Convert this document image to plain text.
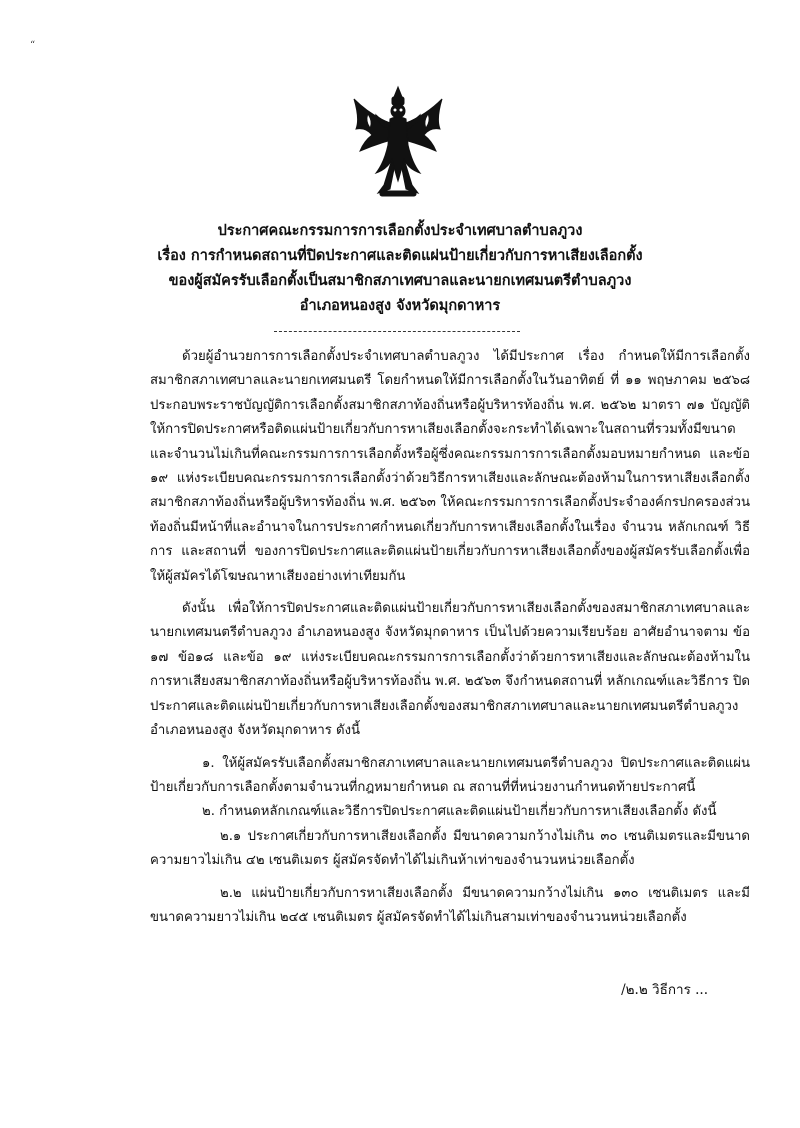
“
ประกาศคณะกรรมการการเลือกตั้งประจำเทศบาลตำบลภูวง
เรื่อง การกำหนดสถานที่ปิดประกาศและติดแผ่นป้ายเกี่ยวกับการหาเสียงเลือกตั้ง
ของผู้สมัครรับเลือกตั้งเป็นสมาชิกสภาเทศบาลและนายกเทศมนตรีตำบลภูวง
อำเภอหนองสูง จังหวัดมุกดาหาร

ด้วยผู้อำนวยการการเลือกตั้งประจำเทศบาลตำบลภูวง ได้มีประกาศ เรื่อง กำหนดให้มีการเลือกตั้งสมาชิกสภาเทศบาลและนายกเทศมนตรี โดยกำหนดให้มีการเลือกตั้งในวันอาทิตย์ ที่ ๑๑ พฤษภาคม ๒๕๖๘ ประกอบพระราชบัญญัติการเลือกตั้งสมาชิกสภาท้องถิ่นหรือผู้บริหารท้องถิ่น พ.ศ. ๒๕๖๒ มาตรา ๗๑ บัญญัติให้การปิดประกาศหรือติดแผ่นป้ายเกี่ยวกับการหาเสียงเลือกตั้งจะกระทำได้เฉพาะในสถานที่รวมทั้งมีขนาดและจำนวนไม่เกินที่คณะกรรมการการเลือกตั้งหรือผู้ซึ่งคณะกรรมการการเลือกตั้งมอบหมายกำหนด และข้อ ๑๙ แห่งระเบียบคณะกรรมการการเลือกตั้งว่าด้วยวิธีการหาเสียงและลักษณะต้องห้ามในการหาเสียงเลือกตั้งสมาชิกสภาท้องถิ่นหรือผู้บริหารท้องถิ่น พ.ศ. ๒๕๖๓ ให้คณะกรรมการการเลือกตั้งประจำองค์กรปกครองส่วนท้องถิ่นมีหน้าที่และอำนาจในการประกาศกำหนดเกี่ยวกับการหาเสียงเลือกตั้งในเรื่อง จำนวน หลักเกณฑ์ วิธีการ และสถานที่ ของการปิดประกาศและติดแผ่นป้ายเกี่ยวกับการหาเสียงเลือกตั้งของผู้สมัครรับเลือกตั้งเพื่อให้ผู้สมัครได้โฆษณาหาเสียงอย่างเท่าเทียมกัน

ดังนั้น เพื่อให้การปิดประกาศและติดแผ่นป้ายเกี่ยวกับการหาเสียงเลือกตั้งของสมาชิกสภาเทศบาลและนายกเทศมนตรีตำบลภูวง อำเภอหนองสูง จังหวัดมุกดาหาร เป็นไปด้วยความเรียบร้อย อาศัยอำนาจตาม ข้อ ๑๗ ข้อ๑๘ และข้อ ๑๙ แห่งระเบียบคณะกรรมการการเลือกตั้งว่าด้วยการหาเสียงและลักษณะต้องห้ามในการหาเสียงสมาชิกสภาท้องถิ่นหรือผู้บริหารท้องถิ่น พ.ศ. ๒๕๖๓ จึงกำหนดสถานที่ หลักเกณฑ์และวิธีการ ปิดประกาศและติดแผ่นป้ายเกี่ยวกับการหาเสียงเลือกตั้งของสมาชิกสภาเทศบาลและนายกเทศมนตรีตำบลภูวง อำเภอหนองสูง จังหวัดมุกดาหาร ดังนี้

๑. ให้ผู้สมัครรับเลือกตั้งสมาชิกสภาเทศบาลและนายกเทศมนตรีตำบลภูวง ปิดประกาศและติดแผ่นป้ายเกี่ยวกับการเลือกตั้งตามจำนวนที่กฎหมายกำหนด ณ สถานที่ที่หน่วยงานกำหนดท้ายประกาศนี้

๒. กำหนดหลักเกณฑ์และวิธีการปิดประกาศและติดแผ่นป้ายเกี่ยวกับการหาเสียงเลือกตั้ง ดังนี้

๒.๑ ประกาศเกี่ยวกับการหาเสียงเลือกตั้ง มีขนาดความกว้างไม่เกิน ๓๐ เซนติเมตรและมีขนาดความยาวไม่เกิน ๔๒ เซนติเมตร ผู้สมัครจัดทำได้ไม่เกินห้าเท่าของจำนวนหน่วยเลือกตั้ง

๒.๒ แผ่นป้ายเกี่ยวกับการหาเสียงเลือกตั้ง มีขนาดความกว้างไม่เกิน ๑๓๐ เซนติเมตร และมีขนาดความยาวไม่เกิน ๒๔๕ เซนติเมตร ผู้สมัครจัดทำได้ไม่เกินสามเท่าของจำนวนหน่วยเลือกตั้ง

/๒.๒ วิธีการ ...
